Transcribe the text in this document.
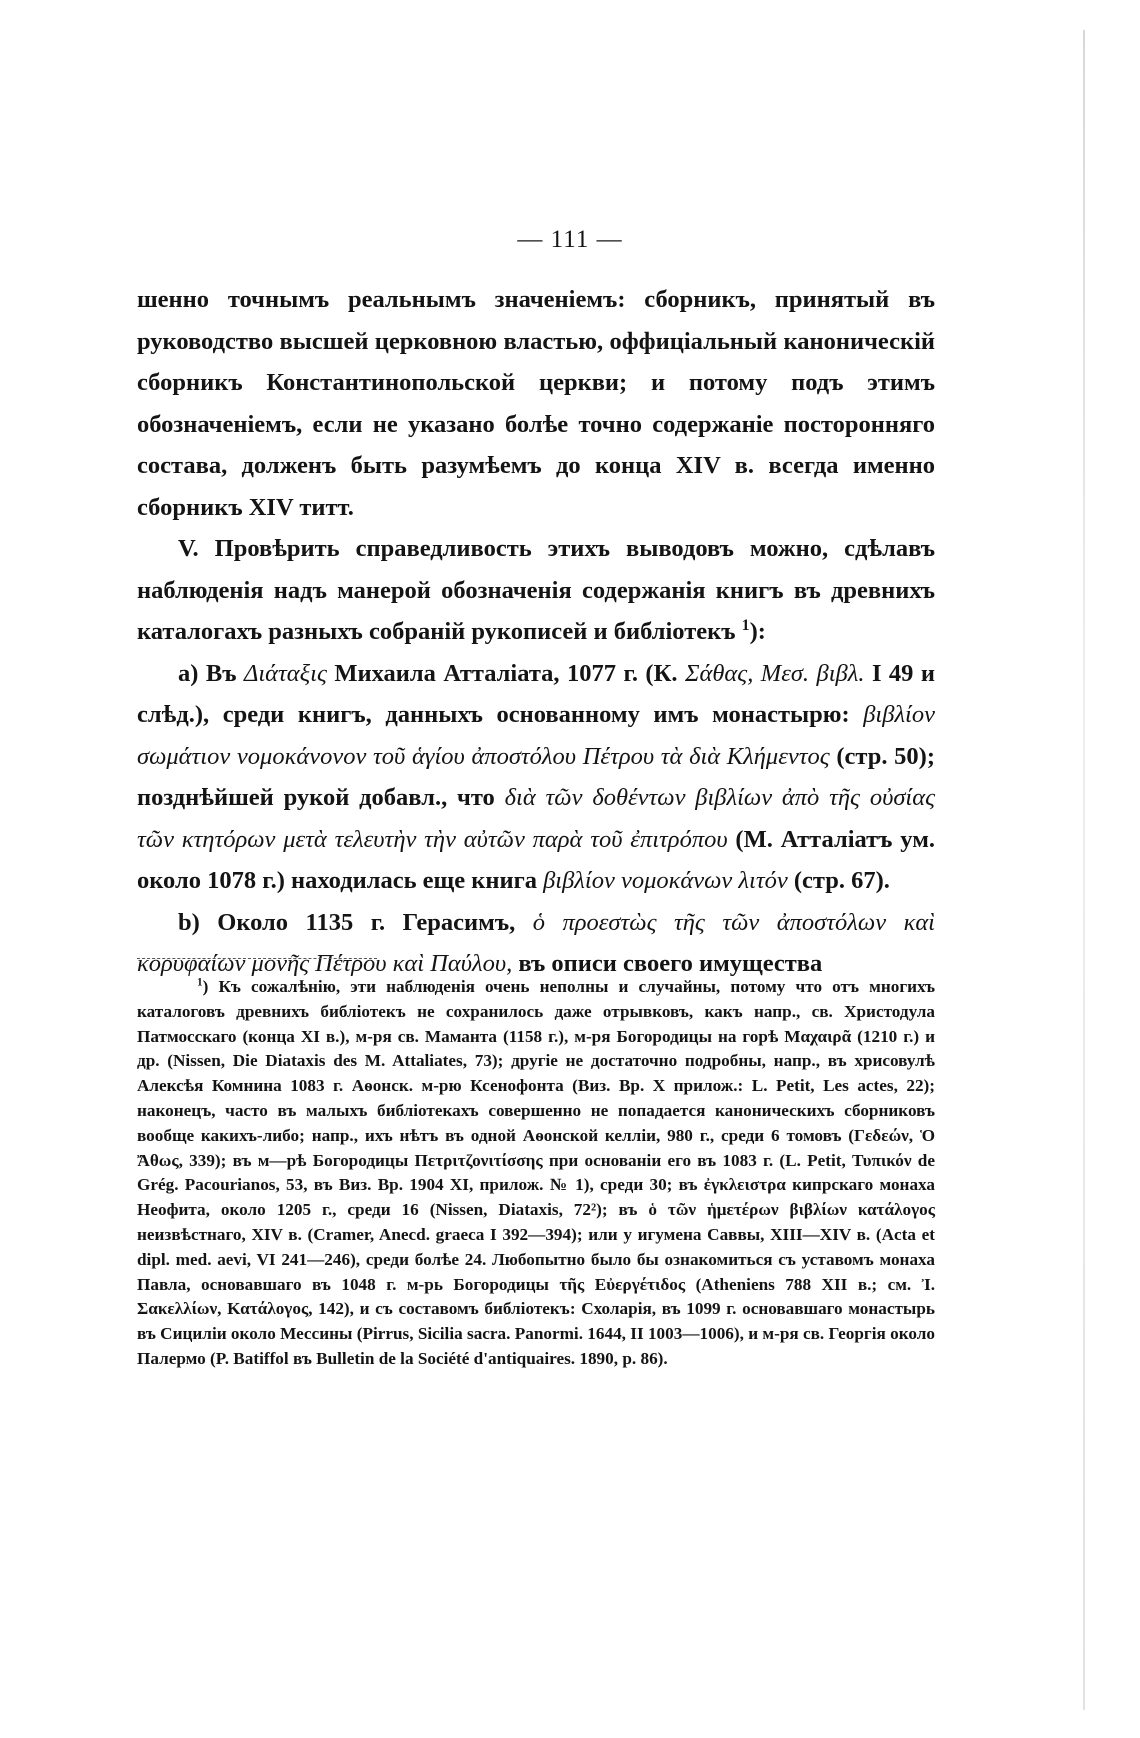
— 111 —

шенно точнымъ реальнымъ значеніемъ: сборникъ, принятый въ руководство высшей церковною властью, оффиціальный каноническій сборникъ Константинопольской церкви; и потому подъ этимъ обозначеніемъ, если не указано болѣе точно содержаніе посторонняго состава, долженъ быть разумѣемъ до конца XIV в. всегда именно сборникъ XIV титт.

V. Провѣрить справедливость этихъ выводовъ можно, сдѣлавъ наблюденія надъ манерой обозначенія содержанія книгъ въ древнихъ каталогахъ разныхъ собраній рукописей и библіотекъ $^1$):

а) Въ Διάταξις Михаила Атталіата, 1077 г. (К. Σάθας, Μεσ. βιβλ. I 49 и слѣд.), среди книгъ, данныхъ основанному имъ монастырю: βιβλίον σωμάτιον νομοκάνονον τοῦ ἁγίου ἀποστόλου Πέτρου τὰ διὰ Κλήμεντος (стр. 50); позднѣйшей рукой добавл., что διὰ τῶν δοθέντων βιβλίων ἀπὸ τῆς οὐσίας τῶν κτητόρων μετὰ τελευτὴν τὴν αὐτῶν παρὰ τοῦ ἐπιτρόπου (М. Атталіатъ ум. около 1078 г.) находилась еще книга βιβλίον νομοκάνων λιτόν (стр. 67).

b) Около 1135 г. Герасимъ, ὁ προεστὼς τῆς τῶν ἀποστόλων καὶ κορυφαίων μονῆς Πέτρου καὶ Παύλου, въ описи своего имущества

$^1$) Къ сожалѣнію, эти наблюденія очень неполны и случайны, потому что отъ многихъ каталоговъ древнихъ библіотекъ не сохранилось даже отрывковъ, какъ напр., св. Христодула Патмосскаго (конца XI в.), м-ря св. Маманта (1158 г.), м-ря Богородицы на горѣ Μαχαιρᾶ (1210 г.) и др. (Nissen, Die Diataxis des M. Attaliates, 73); другіе не достаточно подробны, напр., въ хрисовулѣ Алексѣя Комнина 1083 г. Аѳонск. м-рю Ксенофонта (Виз. Вр. X прилож.: L. Petit, Les actes, 22); наконецъ, часто въ малыхъ библіотекахъ совершенно не попадается каноническихъ сборниковъ вообще какихъ-либо; напр., ихъ нѣтъ въ одной Аѳонской келліи, 980 г., среди 6 томовъ (Γεδεών, Ὁ Ἄθως, 339); въ м—рѣ Богородицы Πετριτζονιτίσσης при основаніи его въ 1083 г. (L. Petit, Τυπικόν de Grég. Pacourianos, 53, въ Виз. Вр. 1904 XI, прилож. № 1), среди 30; въ ἐγκλειστρα кипрскаго монаха Неофита, около 1205 г., среди 16 (Nissen, Diataxis, 72²); въ ὁ τῶν ἡμετέρων βιβλίων κατάλογος неизвѣстнаго, XIV в. (Cramer, Anecd. graeca I 392—394); или у игумена Саввы, XIII—XIV в. (Acta et dipl. med. aevi, VI 241—246), среди болѣе 24. Любопытно было бы ознакомиться съ уставомъ монаха Павла, основавшаго въ 1048 г. м-рь Богородицы τῆς Εὐεργέτιδος (Atheniens 788 XII в.; см. Ἰ. Σακελλίων, Κατάλογος, 142), и съ составомъ библіотекъ: Схоларія, въ 1099 г. основавшаго монастырь въ Сициліи около Мессины (Pirrus, Sicilia sacra. Panormi. 1644, II 1003—1006), и м-ря св. Георгія около Палермо (P. Batiffol въ Bulletin de la Société d'antiquaires. 1890, p. 86).
